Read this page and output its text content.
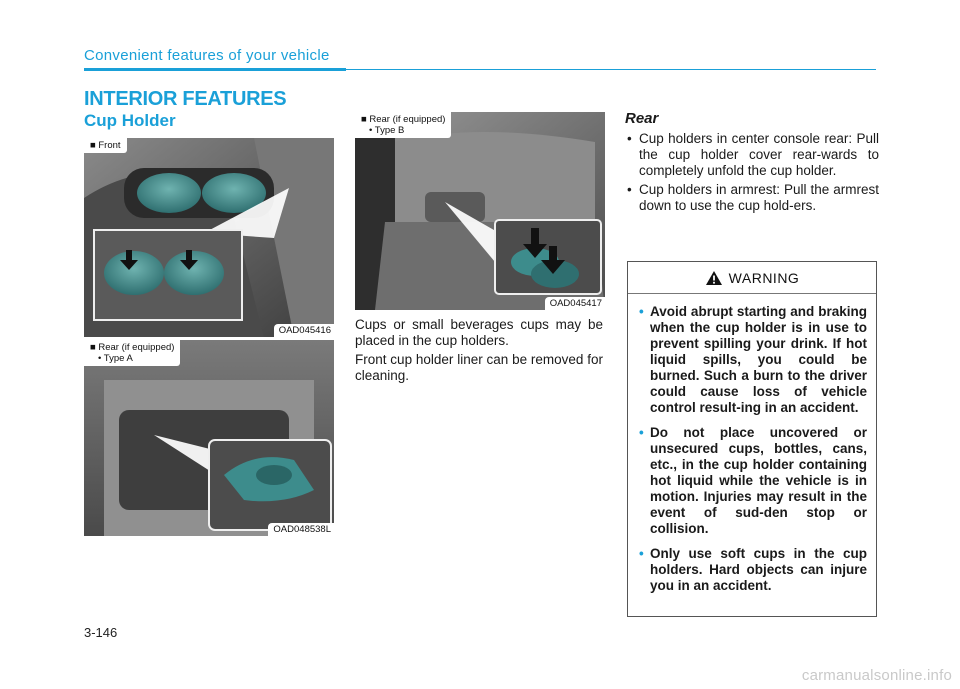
Convenient features of your vehicle
INTERIOR FEATURES
Cup Holder
■ Front
OAD045416
■ Rear (if equipped)
• Type A
OAD048538L
■ Rear (if equipped)
• Type B
OAD045417

Cups or small beverages cups may be placed in the cup holders.

Front cup holder liner can be removed for cleaning.

Rear
• Cup holders in center console rear: Pull the cup holder cover rear-wards to completely unfold the cup holder.
• Cup holders in armrest: Pull the armrest down to use the cup hold-ers.
WARNING
• Avoid abrupt starting and braking when the cup holder is in use to prevent spilling your drink. If hot liquid spills, you could be burned. Such a burn to the driver could cause loss of vehicle control result-ing in an accident.
• Do not place uncovered or unsecured cups, bottles, cans, etc., in the cup holder containing hot liquid while the vehicle is in motion. Injuries may result in the event of sud-den stop or collision.
• Only use soft cups in the cup holders. Hard objects can injure you in an accident.
3-146
carmanualsonline.info
